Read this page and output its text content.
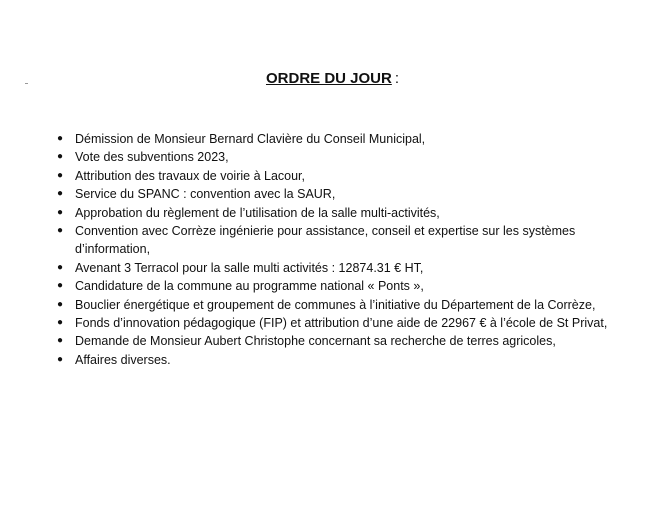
ORDRE DU JOUR :
● Démission de Monsieur Bernard Clavière du Conseil Municipal,
● Vote des subventions 2023,
● Attribution des travaux de voirie à Lacour,
● Service du SPANC : convention avec la SAUR,
● Approbation du règlement de l’utilisation de la salle multi-activités,
● Convention avec Corrèze ingénierie pour assistance, conseil et expertise sur les systèmes d’information,
● Avenant 3 Terracol pour la salle multi activités : 12874.31 € HT,
● Candidature de la commune au programme national « Ponts »,
● Bouclier énergétique et groupement de communes à l’initiative du Département de la Corrèze,
● Fonds d’innovation pédagogique (FIP) et attribution d’une aide de 22967 € à l’école de St Privat,
● Demande de Monsieur Aubert Christophe concernant sa recherche de terres agricoles,
● Affaires diverses.
